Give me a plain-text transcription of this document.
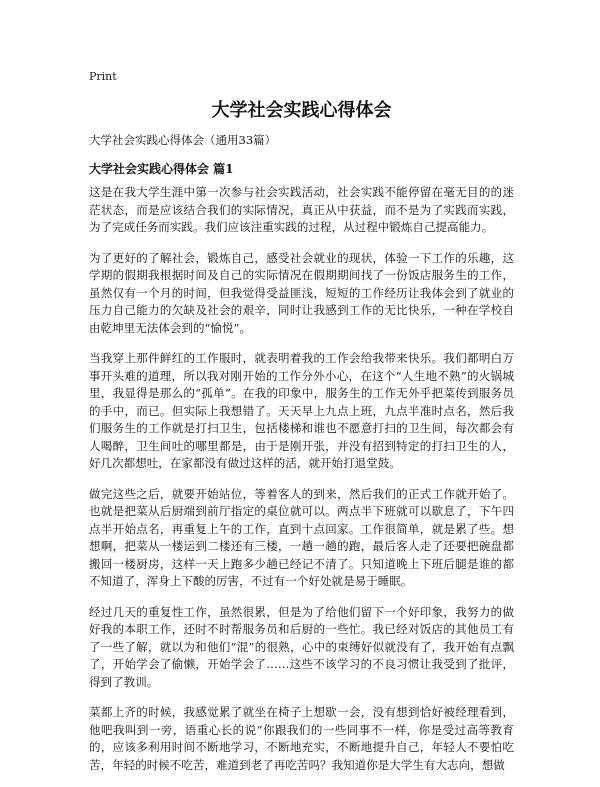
Print
大学社会实践心得体会
大学社会实践心得体会（通用33篇）
大学社会实践心得体会 篇1

这是在我大学生涯中第一次参与社会实践活动，社会实践不能停留在毫无目的的迷茫状态，而是应该结合我们的实际情况，真正从中获益，而不是为了实践而实践，为了完成任务而实践。我们应该注重实践的过程，从过程中锻炼自己提高能力。

为了更好的了解社会，锻炼自己，感受社会就业的现状，体验一下工作的乐趣，这学期的假期我根据时间及自己的实际情况在假期期间找了一份饭店服务生的工作，虽然仅有一个月的时间，但我觉得受益匪浅，短短的工作经历让我体会到了就业的压力自己能力的欠缺及社会的艰辛，同时让我感到工作的无比快乐，一种在学校自由乾坤里无法体会到的“愉悦”。

当我穿上那件鲜红的工作服时，就表明着我的工作会给我带来快乐。我们都明白万事开头难的道理，所以我对刚开始的工作分外小心，在这个“人生地不熟”的火锅城里，我显得是那么的“孤单”。在我的印象中，服务生的工作无外乎把菜传到服务员的手中，而已。但实际上我想错了。天天早上九点上班，九点半准时点名，然后我们服务生的工作就是打扫卫生，包括楼梯和谁也不愿意打扫的卫生间，每次都会有人喝醉，卫生间吐的哪里都是，由于是刚开张，并没有招到特定的打扫卫生的人，好几次都想吐，在家都没有做过这样的活，就开始打退堂鼓。

做完这些之后，就要开始站位，等着客人的到来，然后我们的正式工作就开始了。也就是把菜从后厨端到前厅指定的桌位就可以。两点半下班就可以歇息了，下午四点半开始点名，再重复上午的工作，直到十点回家。工作很简单，就是累了些。想想啊，把菜从一楼运到二楼还有三楼，一趟一趟的跑，最后客人走了还要把碗盘都搬回一楼厨房，这样一天上跑多少趟已经记不清了。只知道晚上下班后腿是谁的都不知道了，浑身上下酸的厉害，不过有一个好处就是易于睡眠。

经过几天的重复性工作，虽然很累，但是为了给他们留下一个好印象，我努力的做好我的本职工作，还时不时帮服务员和后厨的一些忙。我已经对饭店的其他员工有了一些了解，就以为和他们“混”的很熟，心中的束缚好似就没有了，我开始有点飘了，开始学会了偷懒，开始学会了……这些不该学习的不良习惯让我受到了批评，得到了教训。

菜都上齐的时候，我感觉累了就坐在椅子上想歇一会，没有想到恰好被经理看到，他吧我叫到一旁，语重心长的说“你跟我们的一些同事不一样，你是受过高等教育的，应该多利用时间不断地学习，不断地充实，不断地提升自己，年轻人不要怕吃苦，年轻的时候不吃苦，难道到老了再吃苦吗？我知道你是大学生有大志向，想做
